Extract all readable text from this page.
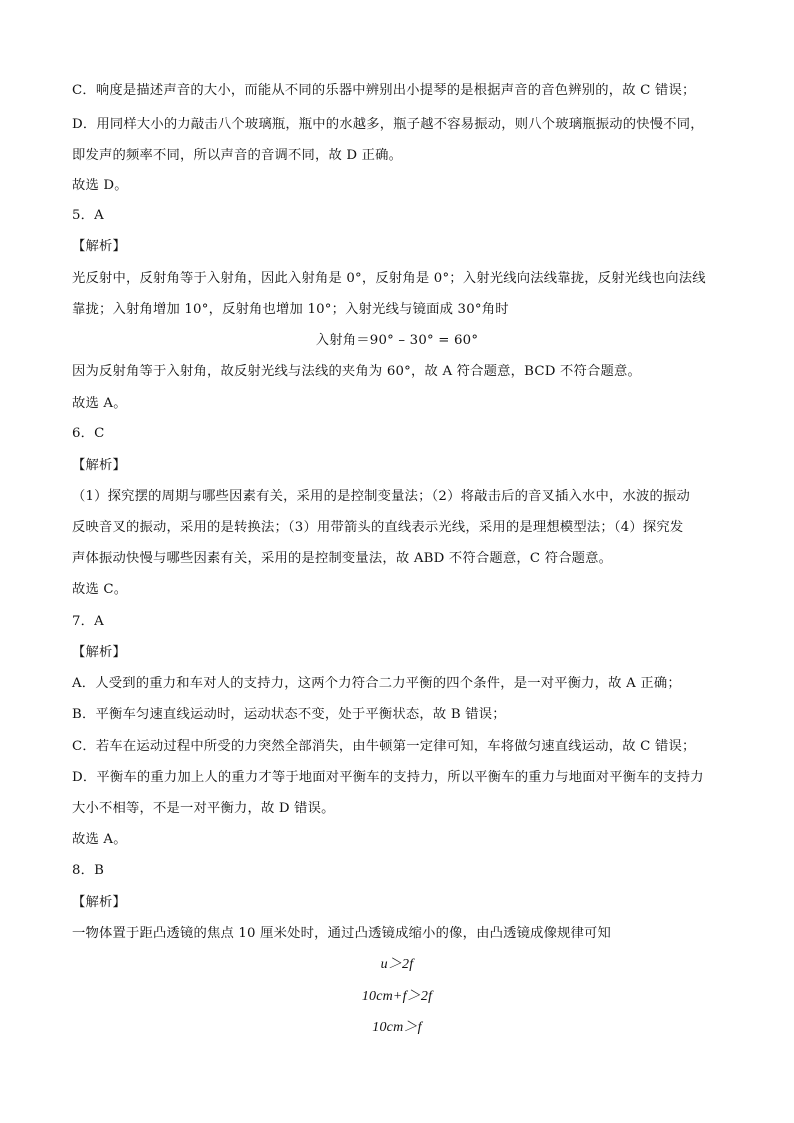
C．响度是描述声音的大小，而能从不同的乐器中辨别出小提琴的是根据声音的音色辨别的，故 C 错误；
D．用同样大小的力敲击八个玻璃瓶，瓶中的水越多，瓶子越不容易振动，则八个玻璃瓶振动的快慢不同，
即发声的频率不同，所以声音的音调不同，故 D 正确。
故选 D。
5．A
【解析】
光反射中，反射角等于入射角，因此入射角是 0°，反射角是 0°；入射光线向法线靠拢，反射光线也向法线
靠拢；入射角增加 10°，反射角也增加 10°；入射光线与镜面成 30°角时
入射角＝90° – 30° = 60°
因为反射角等于入射角，故反射光线与法线的夹角为 60°，故 A 符合题意，BCD 不符合题意。
故选 A。
6．C
【解析】
（1）探究摆的周期与哪些因素有关，采用的是控制变量法；（2）将敲击后的音叉插入水中，水波的振动
反映音叉的振动，采用的是转换法；（3）用带箭头的直线表示光线，采用的是理想模型法；（4）探究发
声体振动快慢与哪些因素有关，采用的是控制变量法，故 ABD 不符合题意，C 符合题意。
故选 C。
7．A
【解析】
A．人受到的重力和车对人的支持力，这两个力符合二力平衡的四个条件，是一对平衡力，故 A 正确；
B．平衡车匀速直线运动时，运动状态不变，处于平衡状态，故 B 错误；
C．若车在运动过程中所受的力突然全部消失，由牛顿第一定律可知，车将做匀速直线运动，故 C 错误；
D．平衡车的重力加上人的重力才等于地面对平衡车的支持力，所以平衡车的重力与地面对平衡车的支持力
大小不相等，不是一对平衡力，故 D 错误。
故选 A。
8．B
【解析】
一物体置于距凸透镜的焦点 10 厘米处时，通过凸透镜成缩小的像，由凸透镜成像规律可知
u＞2f
10cm+f＞2f
10cm＞f
